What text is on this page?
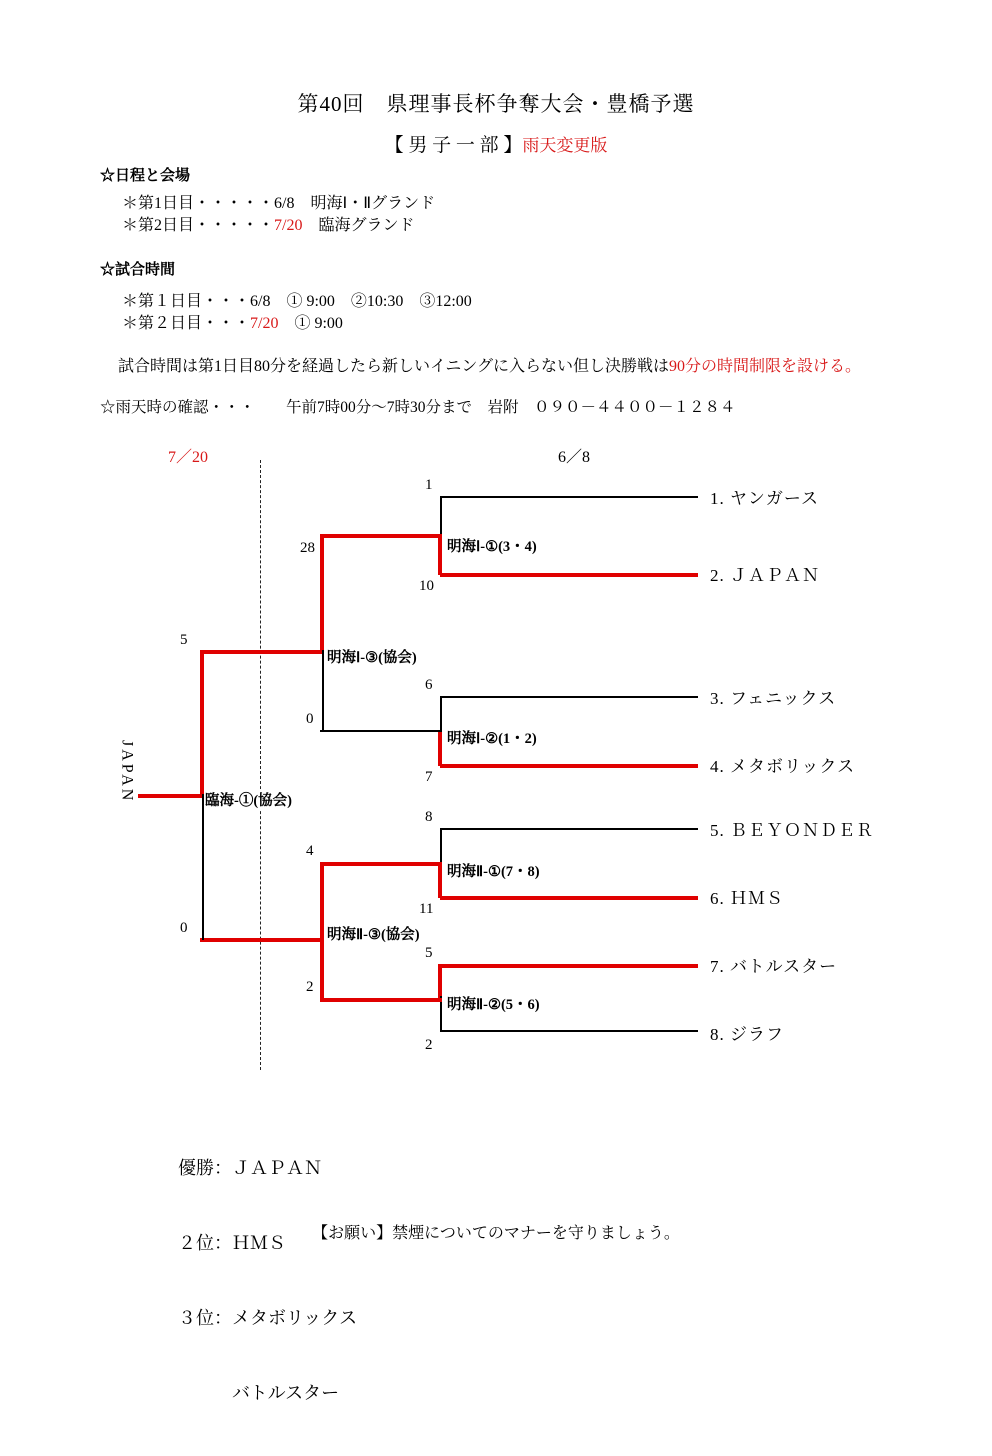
第40回　県理事長杯争奪大会・豊橋予選
【 男 子 一 部 】雨天変更版
☆日程と会場
＊第1日目・・・・・6/8　明海Ⅰ・Ⅱグランド
＊第2日目・・・・・7/20　臨海グランド
☆試合時間
＊第１日目・・・6/8　① 9:00　②10:30　③12:00
＊第２日目・・・7/20　① 9:00
試合時間は第1日目80分を経過したら新しいイニングに入らない但し決勝戦は90分の時間制限を設ける。
☆雨天時の確認・・・　　午前7時00分～7時30分まで　岩附　０９０－４４００－１２８４
7／20	6／8
JAPAN
1. ヤンガース
2. ＪＡＰＡＮ
3. フェニックス
4. メタボリックス
5. ＢＥＹＯＮＤＥＲ
6. ＨＭＳ
7. バトルスター
8. ジラフ
1
10
6
7
8
11
5
2
28
0
4
2
5
0
明海Ⅰ-①(3・4)
明海Ⅰ-②(1・2)
明海Ⅱ-①(7・8)
明海Ⅱ-②(5・6)
明海Ⅰ-③(協会)
明海Ⅱ-③(協会)
臨海-①(協会)

優勝：ＪＡＰＡＮ

２位：ＨＭＳ

３位：メタボリックス

　　　バトルスター

【お願い】禁煙についてのマナーを守りましょう。
